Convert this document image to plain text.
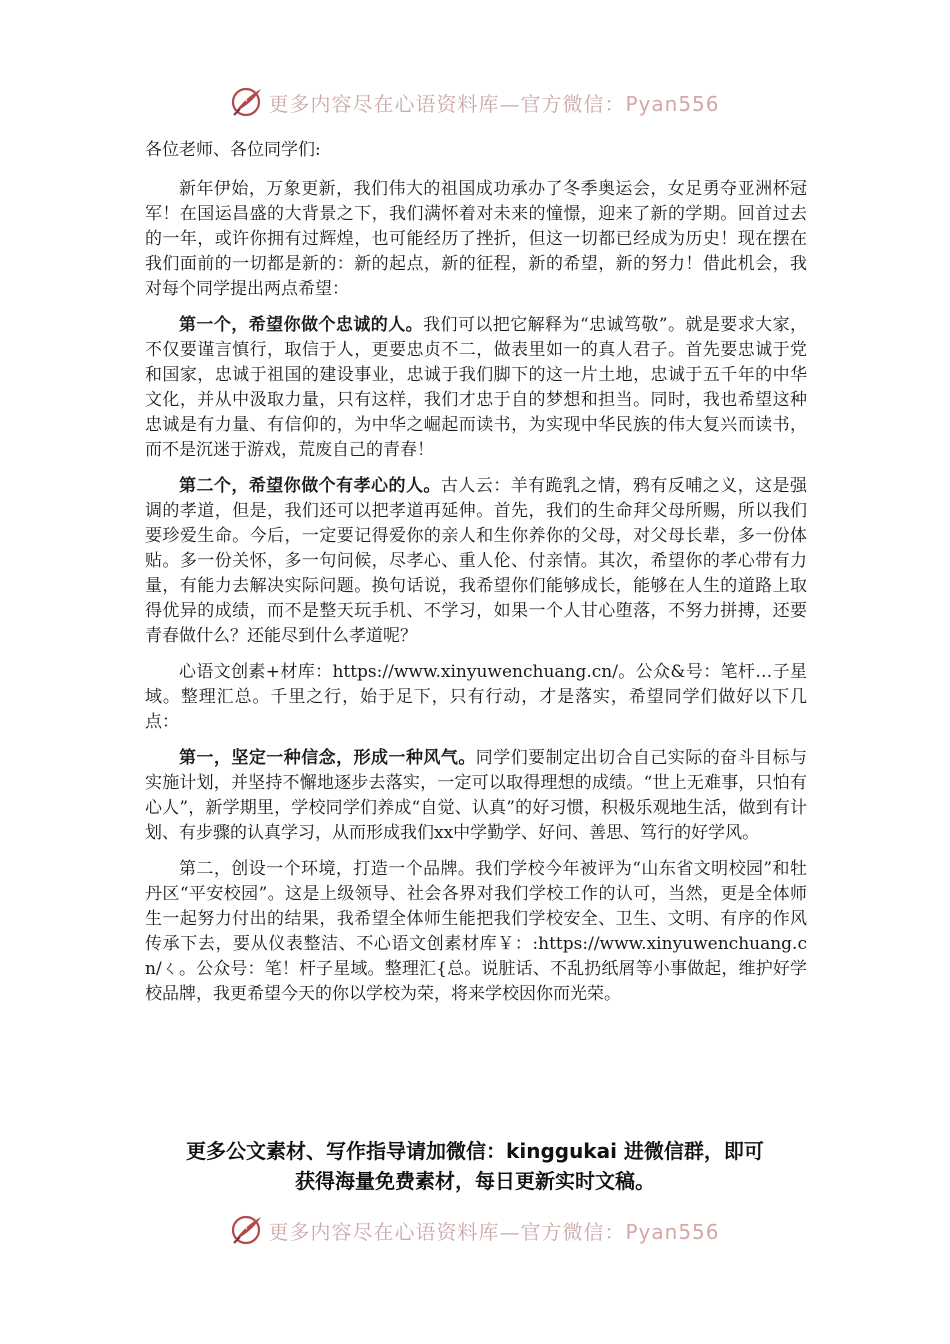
更多内容尽在心语资料库—官方微信：Pyan556

各位老师、各位同学们:

新年伊始，万象更新，我们伟大的祖国成功承办了冬季奥运会，女足勇夺亚洲杯冠军！在国运昌盛的大背景之下，我们满怀着对未来的憧憬，迎来了新的学期。回首过去的一年，或许你拥有过辉煌，也可能经历了挫折，但这一切都已经成为历史！现在摆在我们面前的一切都是新的：新的起点，新的征程，新的希望，新的努力！借此机会，我对每个同学提出两点希望：

第一个，希望你做个忠诚的人。我们可以把它解释为“忠诚笃敬”。就是要求大家，不仅要谨言慎行，取信于人，更要忠贞不二，做表里如一的真人君子。首先要忠诚于党和国家，忠诚于祖国的建设事业，忠诚于我们脚下的这一片土地，忠诚于五千年的中华文化，并从中汲取力量，只有这样，我们才忠于自的梦想和担当。同时，我也希望这种忠诚是有力量、有信仰的，为中华之崛起而读书，为实现中华民族的伟大复兴而读书，而不是沉迷于游戏，荒废自己的青春！

第二个，希望你做个有孝心的人。古人云：羊有跪乳之情，鸦有反哺之义，这是强调的孝道，但是，我们还可以把孝道再延伸。首先，我们的生命拜父母所赐，所以我们要珍爱生命。今后，一定要记得爱你的亲人和生你养你的父母，对父母长辈，多一份体贴。多一份关怀，多一句问候，尽孝心、重人伦、付亲情。其次，希望你的孝心带有力量，有能力去解决实际问题。换句话说，我希望你们能够成长，能够在人生的道路上取得优异的成绩，而不是整天玩手机、不学习，如果一个人甘心堕落，不努力拼搏，还要青春做什么？还能尽到什么孝道呢？

心语文创素+材库：https://www.xinyuwenchuang.cn/。公众&号：笔杆…子星域。整理汇总。千里之行，始于足下，只有行动，才是落实，希望同学们做好以下几点：

第一，坚定一种信念，形成一种风气。同学们要制定出切合自己实际的奋斗目标与实施计划，并坚持不懈地逐步去落实，一定可以取得理想的成绩。“世上无难事，只怕有心人”，新学期里，学校同学们养成“自觉、认真”的好习惯，积极乐观地生活，做到有计划、有步骤的认真学习，从而形成我们xx中学勤学、好问、善思、笃行的好学风。

第二，创设一个环境，打造一个品牌。我们学校今年被评为“山东省文明校园”和牡丹区“平安校园”。这是上级领导、社会各界对我们学校工作的认可，当然，更是全体师生一起努力付出的结果，我希望全体师生能把我们学校安全、卫生、文明、有序的作风传承下去，要从仪表整洁、不心语文创素材库￥：:https://www.xinyuwenchuang.cn/ㄑ。公众号：笔！杆子星域。整理汇{总。说脏话、不乱扔纸屑等小事做起，维护好学校品牌，我更希望今天的你以学校为荣，将来学校因你而光荣。

更多公文素材、写作指导请加微信：kinggukai 进微信群，即可
获得海量免费素材，每日更新实时文稿。
更多内容尽在心语资料库—官方微信：Pyan556
